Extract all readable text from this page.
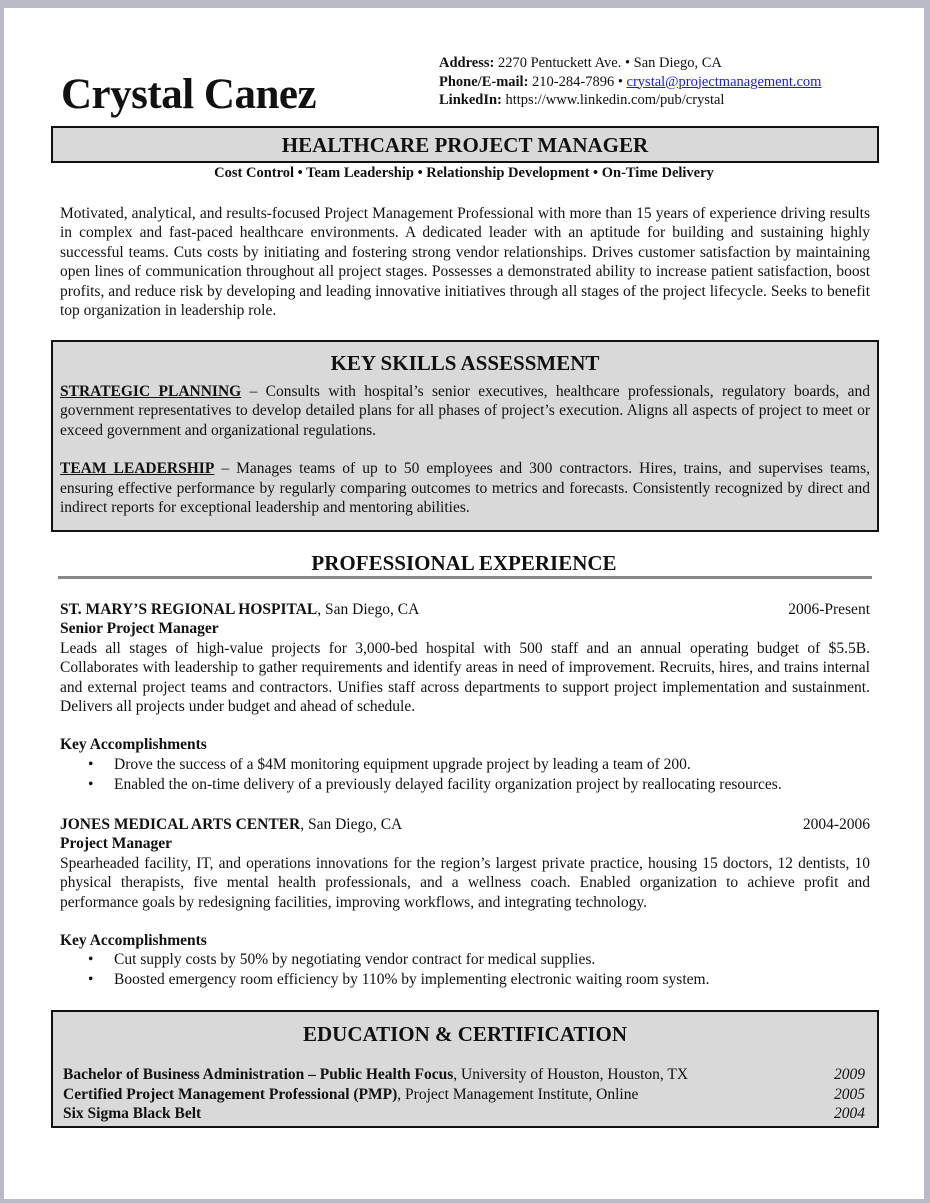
Crystal Canez
Address: 2270 Pentuckett Ave. • San Diego, CA
Phone/E-mail: 210-284-7896 • crystal@projectmanagement.com
LinkedIn: https://www.linkedin.com/pub/crystal
HEALTHCARE PROJECT MANAGER
Cost Control • Team Leadership • Relationship Development • On-Time Delivery
Motivated, analytical, and results-focused Project Management Professional with more than 15 years of experience driving results in complex and fast-paced healthcare environments. A dedicated leader with an aptitude for building and sustaining highly successful teams. Cuts costs by initiating and fostering strong vendor relationships. Drives customer satisfaction by maintaining open lines of communication throughout all project stages. Possesses a demonstrated ability to increase patient satisfaction, boost profits, and reduce risk by developing and leading innovative initiatives through all stages of the project lifecycle. Seeks to benefit top organization in leadership role.
KEY SKILLS ASSESSMENT
STRATEGIC PLANNING – Consults with hospital’s senior executives, healthcare professionals, regulatory boards, and government representatives to develop detailed plans for all phases of project’s execution. Aligns all aspects of project to meet or exceed government and organizational regulations.
TEAM LEADERSHIP – Manages teams of up to 50 employees and 300 contractors. Hires, trains, and supervises teams, ensuring effective performance by regularly comparing outcomes to metrics and forecasts. Consistently recognized by direct and indirect reports for exceptional leadership and mentoring abilities.
PROFESSIONAL EXPERIENCE
ST. MARY’S REGIONAL HOSPITAL, San Diego, CA	2006-Present
Senior Project Manager
Leads all stages of high-value projects for 3,000-bed hospital with 500 staff and an annual operating budget of $5.5B. Collaborates with leadership to gather requirements and identify areas in need of improvement. Recruits, hires, and trains internal and external project teams and contractors. Unifies staff across departments to support project implementation and sustainment. Delivers all projects under budget and ahead of schedule.
Key Accomplishments
• Drove the success of a $4M monitoring equipment upgrade project by leading a team of 200.
• Enabled the on-time delivery of a previously delayed facility organization project by reallocating resources.
JONES MEDICAL ARTS CENTER, San Diego, CA	2004-2006
Project Manager
Spearheaded facility, IT, and operations innovations for the region’s largest private practice, housing 15 doctors, 12 dentists, 10 physical therapists, five mental health professionals, and a wellness coach. Enabled organization to achieve profit and performance goals by redesigning facilities, improving workflows, and integrating technology.
Key Accomplishments
• Cut supply costs by 50% by negotiating vendor contract for medical supplies.
• Boosted emergency room efficiency by 110% by implementing electronic waiting room system.
EDUCATION & CERTIFICATION
Bachelor of Business Administration – Public Health Focus, University of Houston, Houston, TX	2009
Certified Project Management Professional (PMP), Project Management Institute, Online	2005
Six Sigma Black Belt	2004
